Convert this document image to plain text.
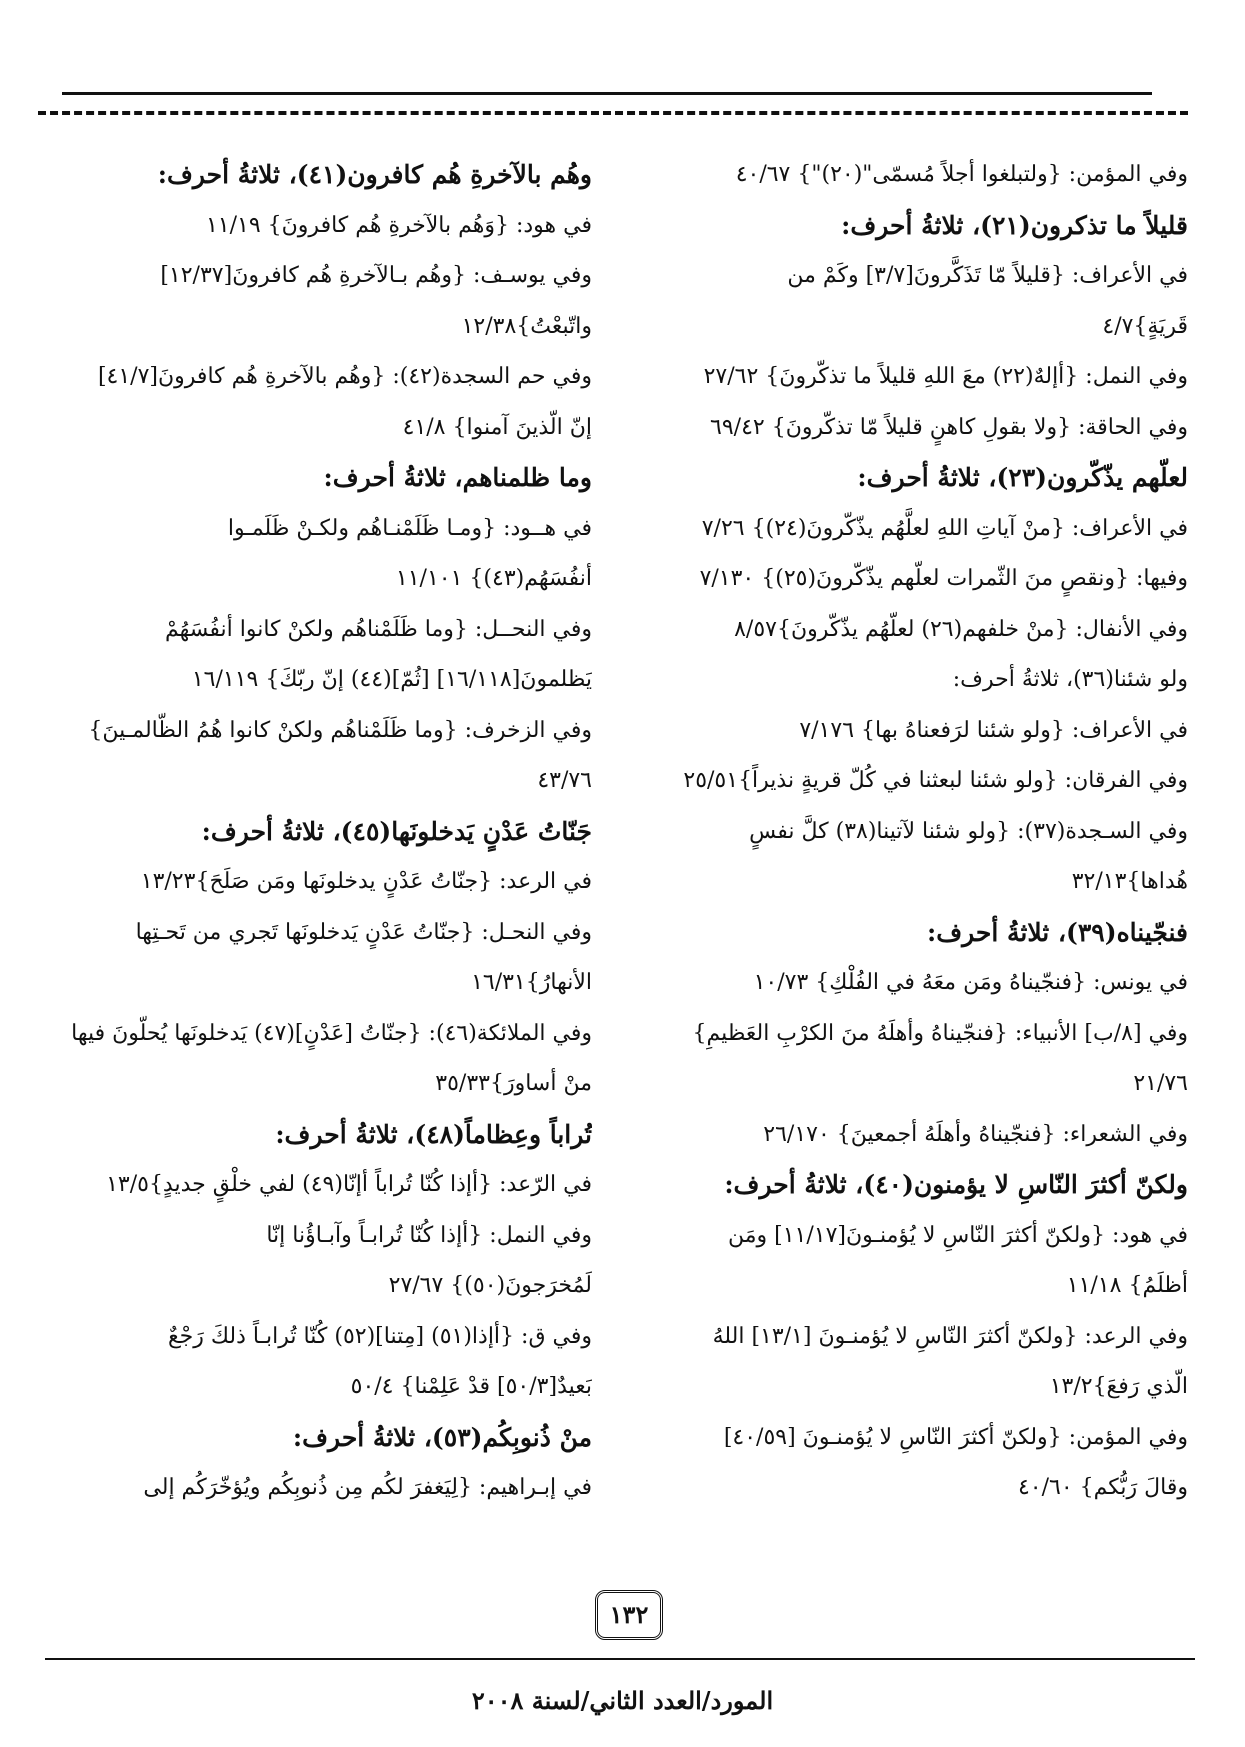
وفي المؤمن: {ولتبلغوا أجلاً مُسمّى"(٢٠)"} ٤٠/٦٧
قليلاً ما تذكرون(٢١)، ثلاثةُ أحرف:
في الأعراف: {قليلاً مّا تَذَكَّرونَ[٣/٧] وكَمْ من
قَريَةٍ}٤/٧
وفي النمل: {أإلهٌ(٢٢) معَ اللهِ قليلاً ما تذكّرونَ} ٢٧/٦٢
وفي الحاقة: {ولا بقولِ كاهنٍ قليلاً مّا تذكّرونَ} ٦٩/٤٢
لعلّهم يذّكّرون(٢٣)، ثلاثةُ أحرف:
في الأعراف: {منْ آياتِ اللهِ لعلَّهُم يذّكّرونَ(٢٤)} ٧/٢٦
وفيها: {ونقصٍ منَ الثّمرات لعلّهم يذّكّرونَ(٢٥)} ٧/١٣٠
وفي الأنفال: {منْ خلفهم(٢٦) لعلّهُم يذّكّرونَ}٨/٥٧
ولو شئنا(٣٦)، ثلاثةُ أحرف:
في الأعراف: {ولو شئنا لرَفعناهُ بها} ٧/١٧٦
وفي الفرقان: {ولو شئنا لبعثنا في كُلّ قريةٍ نذيراً}٢٥/٥١
وفي السـجدة(٣٧): {ولو شئنا لآتينا(٣٨) كلَّ نفسٍ
هُداها}٣٢/١٣
فنجّيناه(٣٩)، ثلاثةُ أحرف:
في يونس: {فنجّيناهُ ومَن معَهُ في الفُلْكِ} ١٠/٧٣
وفي [٨/ب] الأنبياء: {فنجّيناهُ وأهلَهُ منَ الكرْبِ العَظيمِ}
٢١/٧٦
وفي الشعراء: {فنجّيناهُ وأهلَهُ أجمعينَ} ٢٦/١٧٠
ولكنّ أكثرَ النّاسِ لا يؤمنون(٤٠)، ثلاثةُ أحرف:
في هود: {ولكنّ أكثرَ النّاسِ لا يُؤمنـونَ[١١/١٧] ومَن
أظلَمُ} ١١/١٨
وفي الرعد: {ولكنّ أكثرَ النّاسِ لا يُؤمنـونَ [١٣/١] اللهُ
الّذي رَفعَ}١٣/٢
وفي المؤمن: {ولكنّ أكثرَ النّاسِ لا يُؤمنـونَ [٤٠/٥٩]
وقالَ رَبُّكم} ٤٠/٦٠
وهُم بالآخرةِ هُم كافرون(٤١)، ثلاثةُ أحرف:
في هود: {وَهُم بالآخرةِ هُم كافرونَ} ١١/١٩
وفي يوسـف: {وهُم بـالآخرةِ هُم كافرونَ[١٢/٣٧]
واتّبعْتُ}١٢/٣٨
وفي حم السجدة(٤٢): {وهُم بالآخرةِ هُم كافرونَ[٤١/٧]
إنّ الّذينَ آمنوا} ٤١/٨
وما ظلمناهم، ثلاثةُ أحرف:
في هــود: {ومـا ظَلَمْنـاهُم ولكـنْ ظَلَمـوا
أنفُسَهُم(٤٣)} ١١/١٠١
وفي النحــل: {وما ظَلَمْناهُم ولكنْ كانوا أنفُسَهُمْ
يَظلمونَ[١٦/١١٨] [ثُمّ](٤٤) إنّ ربّكَ} ١٦/١١٩
وفي الزخرف: {وما ظَلَمْناهُم ولكنْ كانوا هُمُ الظّالمـينَ}
٤٣/٧٦
جَنّاتُ عَدْنٍ يَدخلونَها(٤٥)، ثلاثةُ أحرف:
في الرعد: {جنّاتُ عَدْنٍ يدخلونَها ومَن صَلَحَ}١٣/٢٣
وفي النحـل: {جنّاتُ عَدْنٍ يَدخلونَها تَجري من تَحـتِها
الأنهارُ}١٦/٣١
وفي الملائكة(٤٦): {جنّاتُ [عَدْنٍ](٤٧) يَدخلونَها يُحلّونَ فيها
منْ أساورَ}٣٥/٣٣
تُراباً وعِظاماً(٤٨)، ثلاثةُ أحرف:
في الرّعد: {أإذا كُنّا تُراباً أإنّا(٤٩) لفي خلْقٍ جديدٍ}١٣/٥
وفي النمل: {أإذا كُنّا تُرابـاً وآبـاؤُنا إنّا
لَمُخرَجونَ(٥٠)} ٢٧/٦٧
وفي ق: {أإذا(٥١) [مِتنا](٥٢) كُنّا تُرابـاً ذلكَ رَجْعٌ
بَعيدٌ[٥٠/٣] قدْ عَلِمْنا} ٥٠/٤
منْ ذُنوبِكُم(٥٣)، ثلاثةُ أحرف:
في إبـراهيم: {لِيَغفرَ لكُم مِن ذُنوبِكُم ويُؤخّرَكُم إلى
١٣٢
المورد/العدد الثاني/لسنة ٢٠٠٨
